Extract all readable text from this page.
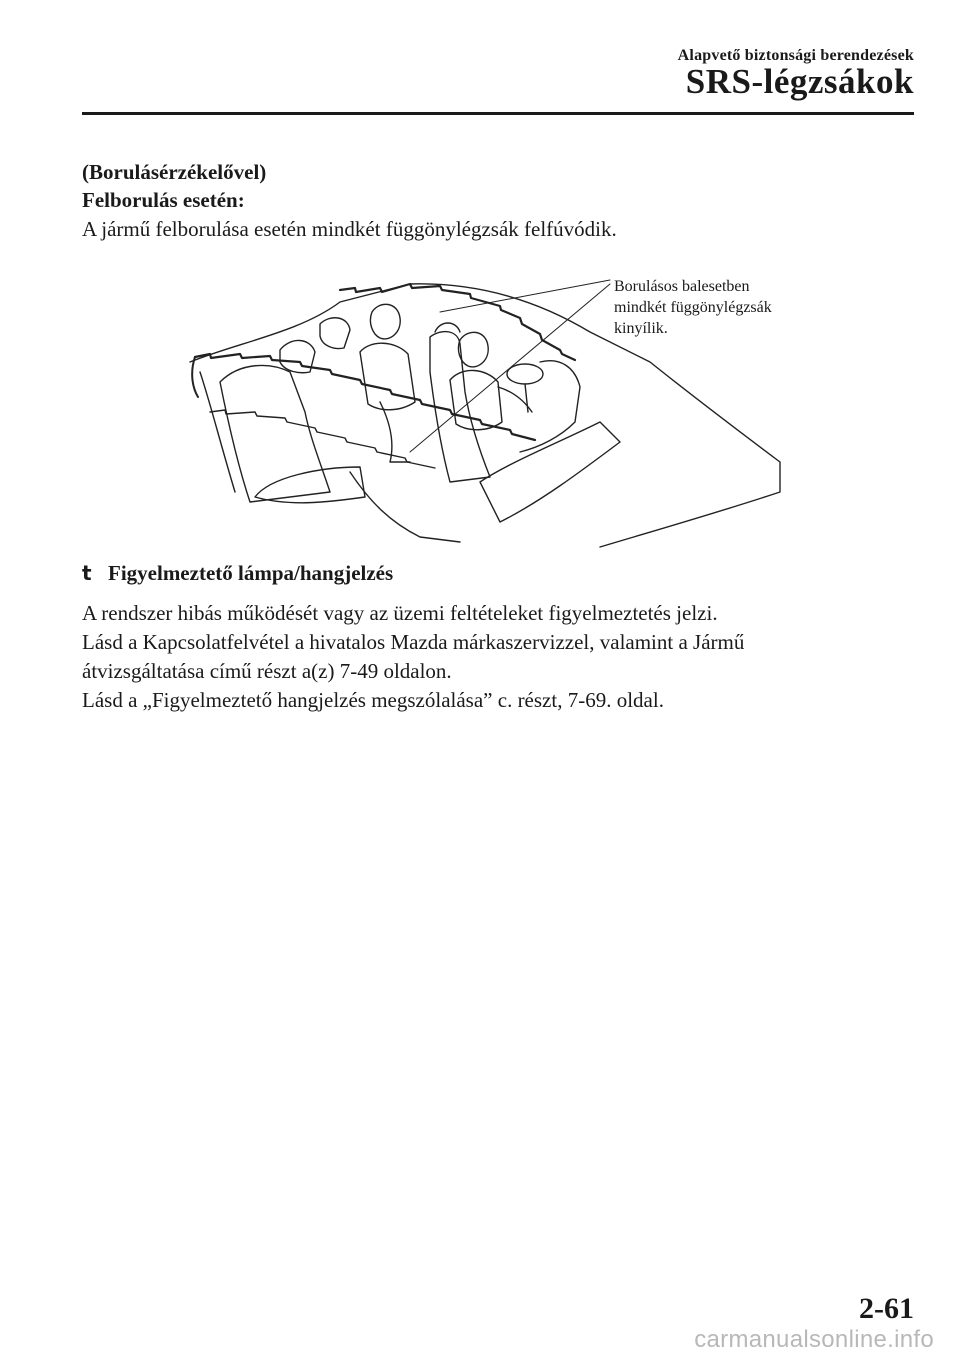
Alapvető biztonsági berendezések
SRS-légzsákok
(Borulásérzékelővel)
Felborulás esetén:
A jármű felborulása esetén mindkét függönylégzsák felfúvódik.
Borulásos balesetben
mindkét függönylégzsák
kinyílik.
t Figyelmeztető lámpa/hangjelzés
A rendszer hibás működését vagy az üzemi feltételeket figyelmeztetés jelzi.
Lásd a Kapcsolatfelvétel a hivatalos Mazda márkaszervizzel, valamint a Jármű
átvizsgáltatása című részt a(z) 7-49 oldalon.
Lásd a „Figyelmeztető hangjelzés megszólalása” c. részt, 7-69. oldal.
2-61
carmanualsonline.info
